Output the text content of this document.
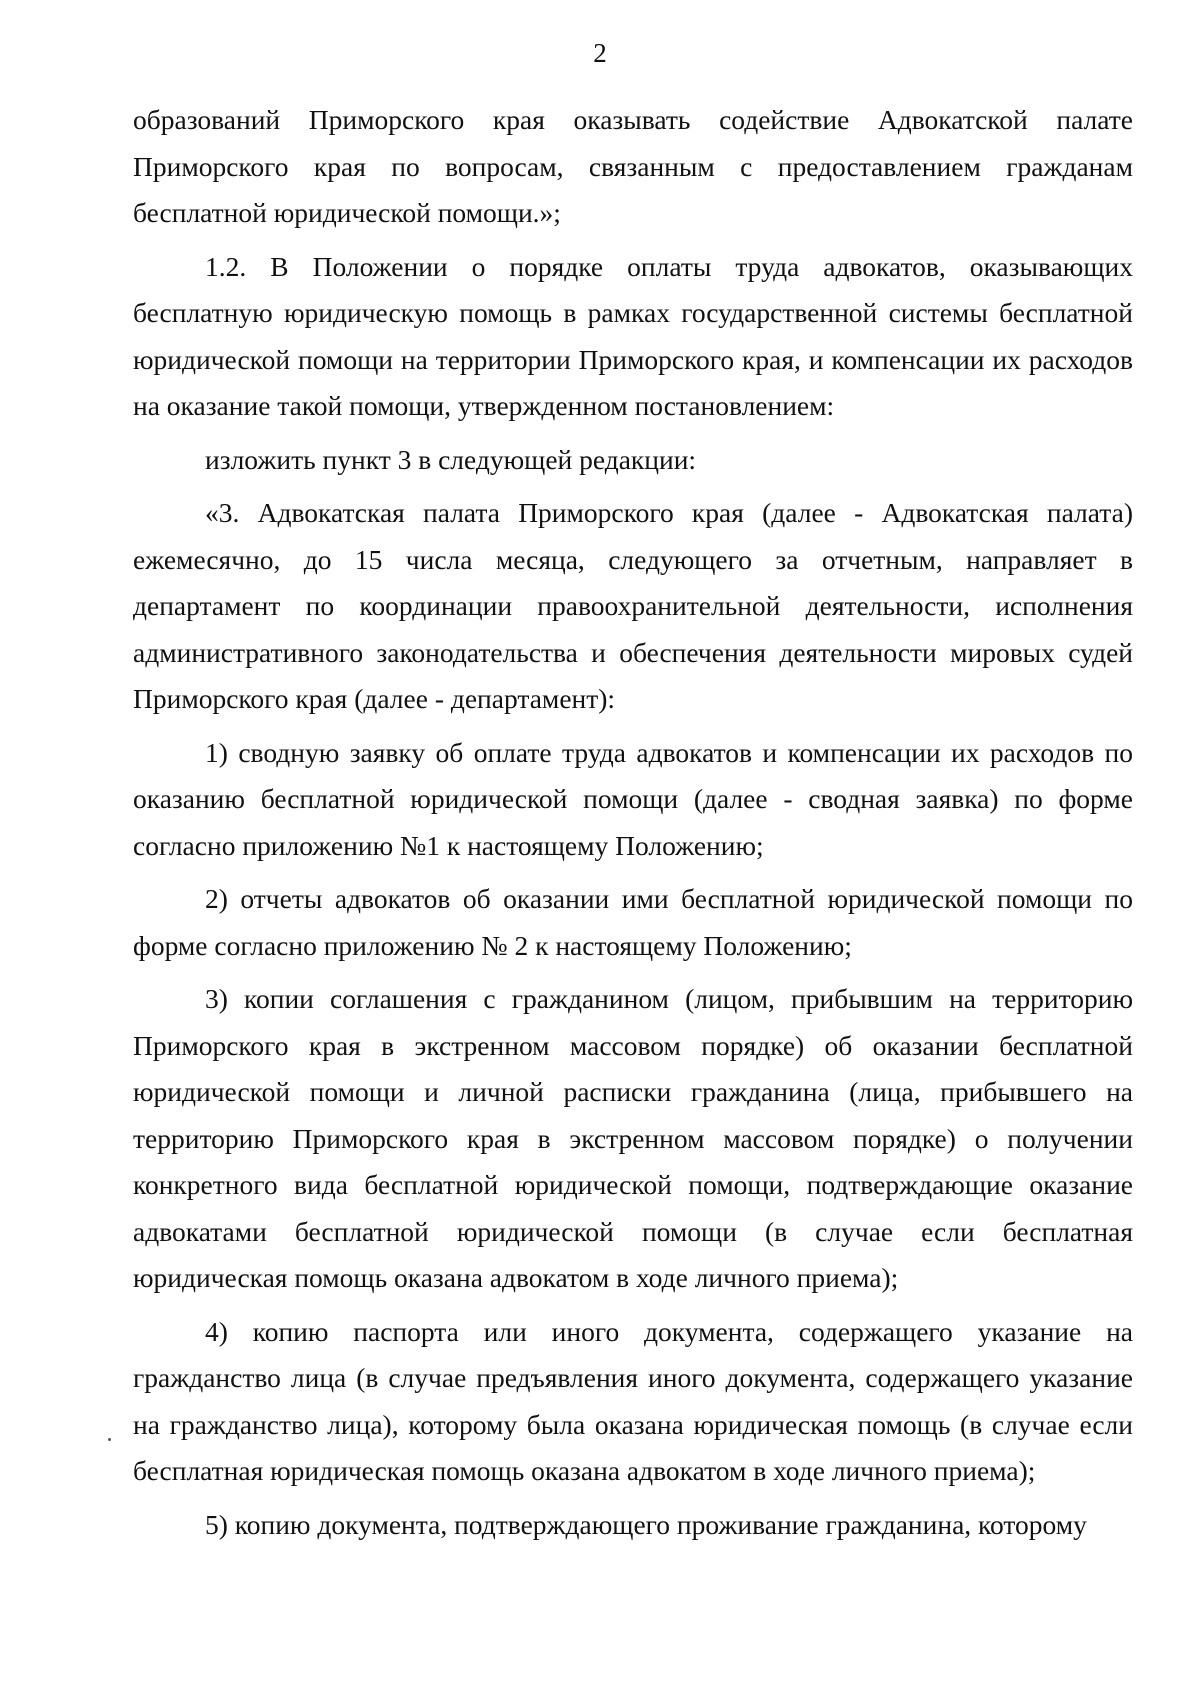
2

образований Приморского края оказывать содействие Адвокатской палате Приморского края по вопросам, связанным с предоставлением гражданам бесплатной юридической помощи.»;

1.2. В Положении о порядке оплаты труда адвокатов, оказывающих бесплатную юридическую помощь в рамках государственной системы бесплатной юридической помощи на территории Приморского края, и компенсации их расходов на оказание такой помощи, утвержденном постановлением:

изложить пункт 3 в следующей редакции:

«3. Адвокатская палата Приморского края (далее - Адвокатская палата) ежемесячно, до 15 числа месяца, следующего за отчетным, направляет в департамент по координации правоохранительной деятельности, исполнения административного законодательства и обеспечения деятельности мировых судей Приморского края (далее - департамент):

1) сводную заявку об оплате труда адвокатов и компенсации их расходов по оказанию бесплатной юридической помощи (далее - сводная заявка) по форме согласно приложению №1 к настоящему Положению;

2) отчеты адвокатов об оказании ими бесплатной юридической помощи по форме согласно приложению № 2 к настоящему Положению;

3) копии соглашения с гражданином (лицом, прибывшим на территорию Приморского края в экстренном массовом порядке) об оказании бесплатной юридической помощи и личной расписки гражданина (лица, прибывшего на территорию Приморского края в экстренном массовом порядке) о получении конкретного вида бесплатной юридической помощи, подтверждающие оказание адвокатами бесплатной юридической помощи (в случае если бесплатная юридическая помощь оказана адвокатом в ходе личного приема);

4) копию паспорта или иного документа, содержащего указание на гражданство лица (в случае предъявления иного документа, содержащего указание на гражданство лица), которому была оказана юридическая помощь (в случае если бесплатная юридическая помощь оказана адвокатом в ходе личного приема);

5) копию документа, подтверждающего проживание гражданина, которому
